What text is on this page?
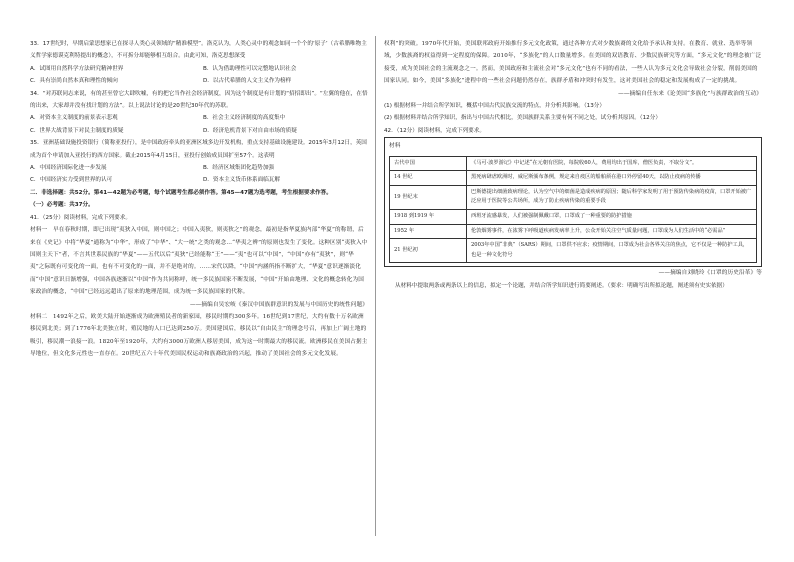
33．17世纪时，早期启蒙思想家已在探寻人类心灵领域的“精准模型”。洛克认为，人类心灵中的观念如同一个个的‘原子’（古希腊唯物主义哲学家德谟克利特提出的概念），不可拆分却能够相互组合。由此可知，洛克思想深受

A．试图用自然科学方法研究精神世界	B．认为借助理性可以完整地认识社会

C．具有崇尚自然本真和理性的倾向	D．以古代希腊的人文主义作为榜样

34．“对苏联同志来说，有的甚至曾它大肆吹嘘，有的把它当作社会经济制度，因为这个制度是有计划的“招招即出”。“左翼的他在，在悟的出来，大家却并没有找计划的方法”。以上说法讨论的是20世纪30年代的苏联。

A．对资本主义制度的前景表示悲观	B．社会主义经济制度的高度集中

C．世界大战背景下对民主制度的质疑	D．经济危机背景下对自由市场的质疑

35．亚洲基础设施投资银行（简称亚投行），是中国政府牵头的亚洲区域多边开发机构，重点支持基础设施建设。2015年3月12日，英国成为首个申请加入亚投行的西方国家。截止2015年4月15日，亚投行创始成员国扩至57个。这表明

A．中国经济国际化进一步发展	B．经济区域集团化趋势加强

C．中国经济实力受到世界的认可	D．资本主义货币体系面临瓦解

二．非选择题：共52分。第41—42题为必考题，每个试题考生都必须作答。第45—47题为选考题，考生根据要求作答。

（一）必考题：共37分。

41．（25分）阅读材料，完成下列要求。

材料一　早在春秋时期，即已出现“夷狄入中国，则中国之；中国入夷狄，则夷狄之”的观念，最初是指华夏族内部“华夏”的称谓，后来在《史记》中将“华夏”通称为“中华”，形成了“中华”、“大一统”之类的观念…“华夷之辨”的原则也发生了变化。这种区别“夷狄入中国则主天下”者，不言其世系民族的“华夏”——五代以后“夷狄”已经能称“王”——“夷”也可以“中国”，“中国”亦有“夷狄”，则“华夷”之际既有可变化的一面，也有不可变化的一面，并不是绝对的。……宋代以降，“中国”内涵所指不断扩大，“华夏”意识逐渐淡化而“中国”意识日渐增强，中国各族逐渐以“中国”作为共同称呼，统一多民族国家不断发展，“中国”开始由地理、文化的概念转化为国家政治的概念，“中国”已经远远超出了原来的地理范围，成为统一多民族国家的代称。

——摘编自吴宏岐《秦汉中国族群意识的发展与中国历史的统性问题》

材料二　1492年之后，欧美大陆开始逐渐成为欧洲殖民者的新家园，移民时期约300多年。16世纪到17世纪，大约有数十万名欧洲移民到北美；到了1776年北美独立时，殖民地的人口已达到250万。美国建国后，移民以“自由民主”的理念号召，再加上广阔土地的吸引，移民潮一浪接一浪。1820年至1920年，大约有3000万欧洲人移居美国，成为这一时期最大的移民流。欧洲移民在美国占据主导地位，但文化多元性也一直存在。20世纪五六十年代美国民权运动和族裔政治的兴起，推动了美国社会的多元文化发展。

权利”的突破。1970年代开始，美国联邦政府开始推行多元文化政策，通过各种方式对少数族裔的文化给予承认和支持。在教育、就业、选举等领域，少数族裔的权益得到一定程度的保障。2010年，“多族化”的人口数量增多。在美国的双语教育、少数民族研究等方面，“多元文化”的理念被广泛接受，成为美国社会的主流观念之一。然而，美国政府和主流社会对“多元文化”也有不同的看法，一些人认为多元文化会导致社会分裂，削弱美国的国家认同。如今，美国“多族化”进程中的一些社会问题仍然存在，族群矛盾和冲突时有发生，这对美国社会的稳定和发展构成了一定的挑战。

——摘编自任东来《论美国“多族化”与族群政治的互动》

(1) 根据材料一并结合所学知识，概括中国古代民族交流的特点，并分析其影响。（13分）

(2) 根据材料并结合所学知识，指出与中国古代相比，美国族群关系主要有何不同之处，试分析其原因。（12分）

42．（12分）阅读材料，完成下列要求。

材料

古代中国	《马可·波罗游记》中记述“在元朝有医院，每院收60人，费用均出于国库，僧医负责，不取分文”。
14 世纪	黑死病肆虐欧洲时，威尼斯颁布条例，规定来自疫区的船舶须在港口外停留40天，以防止疫病的传播
19 世纪末	巴斯德提出细菌致病理论，认为空气中的细菌是造成疾病的原因；随后科学家发明了用于预防传染病的疫苗，口罩开始被广泛应用于医院等公共场所，成为了防止疾病传染的重要手段
1918 到1919 年	西班牙流感暴发，人们被强制佩戴口罩，口罩成了一种重要的防护措施
1952 年	伦敦烟雾事件，在浓雾下呼吸道疾病发病率上升，公众开始关注空气质量问题，口罩成为人们生活中的“必需品”
21 世纪初	2003年中国“非典”（SARS）期间，口罩供不应求；疫情期间，口罩成为社会各界关注的焦点，它不仅是一种防护工具，也是一种文化符号

——摘编自刘晓玲《口罩的历史沿革》等

从材料中提取两条或两条以上的信息，拟定一个论题，并结合所学知识进行简要阐述。（要求：明确写出所拟论题，阐述须有史实依据）
